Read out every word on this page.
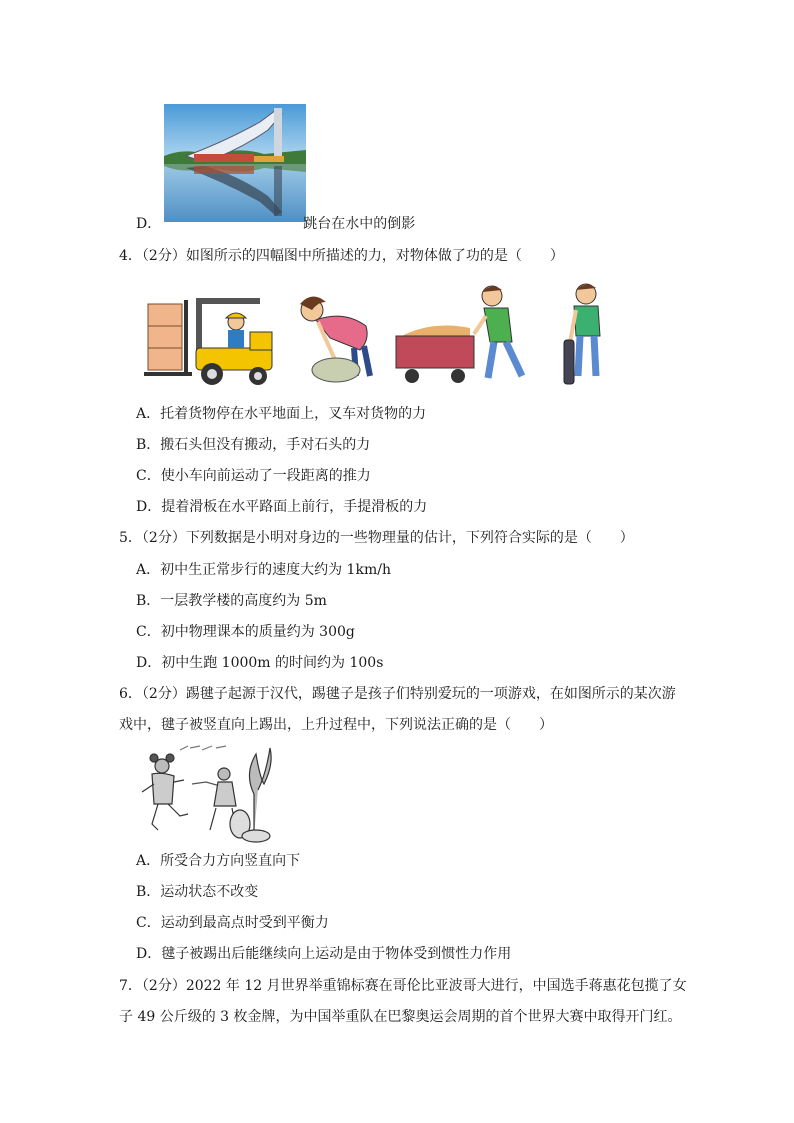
D．	跳台在水中的倒影
4．（2分）如图所示的四幅图中所描述的力，对物体做了功的是（　　）
A．托着货物停在水平地面上，叉车对货物的力
B．搬石头但没有搬动，手对石头的力
C．使小车向前运动了一段距离的推力
D．提着滑板在水平路面上前行，手提滑板的力
5．（2分）下列数据是小明对身边的一些物理量的估计，下列符合实际的是（　　）
A．初中生正常步行的速度大约为 1km/h
B．一层教学楼的高度约为 5m
C．初中物理课本的质量约为 300g
D．初中生跑 1000m 的时间约为 100s
6．（2分）踢毽子起源于汉代，踢毽子是孩子们特别爱玩的一项游戏，在如图所示的某次游
戏中，毽子被竖直向上踢出，上升过程中，下列说法正确的是（　　）
A．所受合力方向竖直向下
B．运动状态不改变
C．运动到最高点时受到平衡力
D．毽子被踢出后能继续向上运动是由于物体受到惯性力作用
7．（2分）2022 年 12 月世界举重锦标赛在哥伦比亚波哥大进行，中国选手蒋惠花包揽了女
子 49 公斤级的 3 枚金牌，为中国举重队在巴黎奥运会周期的首个世界大赛中取得开门红。
